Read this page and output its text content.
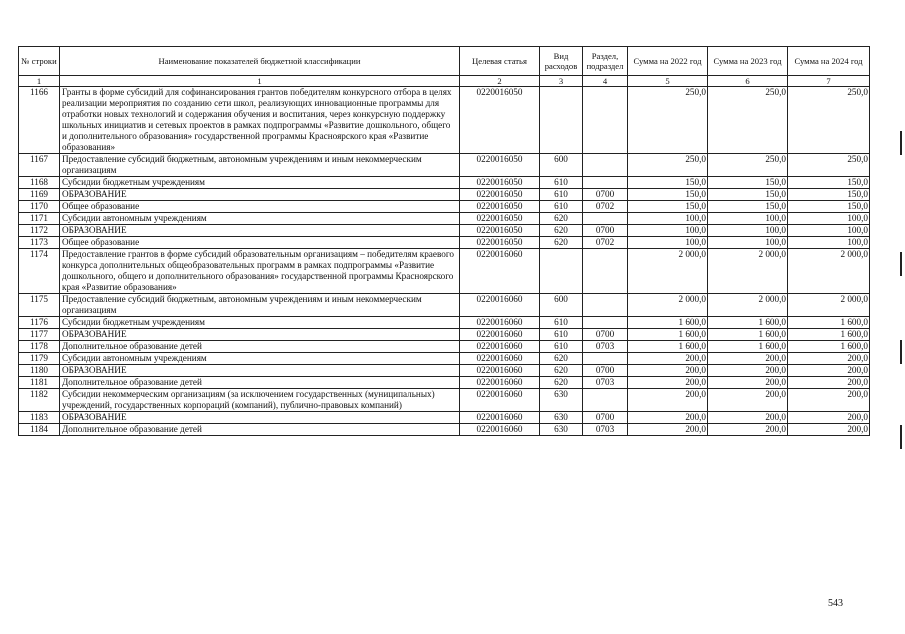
№ строки	Наименование показателей бюджетной классификации	Целевая статья	Вид расходов	Раздел, подраздел	Сумма на 2022 год	Сумма на 2023 год	Сумма на 2024 год
1	1	2	3	4	5	6	7
1166	Гранты в форме субсидий для софинансирования грантов победителям конкурсного отбора в целях реализации мероприятия по созданию сети школ, реализующих инновационные программы для отработки новых технологий и содержания обучения и воспитания, через конкурсную поддержку школьных инициатив и сетевых проектов в рамках подпрограммы «Развитие дошкольного, общего и дополнительного образования» государственной программы Красноярского края «Развитие образования»	0220016050			250,0	250,0	250,0
1167	Предоставление субсидий бюджетным, автономным учреждениям и иным некоммерческим организациям	0220016050	600		250,0	250,0	250,0
1168	Субсидии бюджетным учреждениям	0220016050	610		150,0	150,0	150,0
1169	ОБРАЗОВАНИЕ	0220016050	610	0700	150,0	150,0	150,0
1170	Общее образование	0220016050	610	0702	150,0	150,0	150,0
1171	Субсидии автономным учреждениям	0220016050	620		100,0	100,0	100,0
1172	ОБРАЗОВАНИЕ	0220016050	620	0700	100,0	100,0	100,0
1173	Общее образование	0220016050	620	0702	100,0	100,0	100,0
1174	Предоставление грантов в форме субсидий образовательным организациям – победителям краевого конкурса дополнительных общеобразовательных программ в рамках подпрограммы «Развитие дошкольного, общего и дополнительного образования» государственной программы Красноярского края «Развитие образования»	0220016060			2 000,0	2 000,0	2 000,0
1175	Предоставление субсидий бюджетным, автономным учреждениям и иным некоммерческим организациям	0220016060	600		2 000,0	2 000,0	2 000,0
1176	Субсидии бюджетным учреждениям	0220016060	610		1 600,0	1 600,0	1 600,0
1177	ОБРАЗОВАНИЕ	0220016060	610	0700	1 600,0	1 600,0	1 600,0
1178	Дополнительное образование детей	0220016060	610	0703	1 600,0	1 600,0	1 600,0
1179	Субсидии автономным учреждениям	0220016060	620		200,0	200,0	200,0
1180	ОБРАЗОВАНИЕ	0220016060	620	0700	200,0	200,0	200,0
1181	Дополнительное образование детей	0220016060	620	0703	200,0	200,0	200,0
1182	Субсидии некоммерческим организациям (за исключением государственных (муниципальных) учреждений, государственных корпораций (компаний), публично-правовых компаний)	0220016060	630		200,0	200,0	200,0
1183	ОБРАЗОВАНИЕ	0220016060	630	0700	200,0	200,0	200,0
1184	Дополнительное образование детей	0220016060	630	0703	200,0	200,0	200,0
543
